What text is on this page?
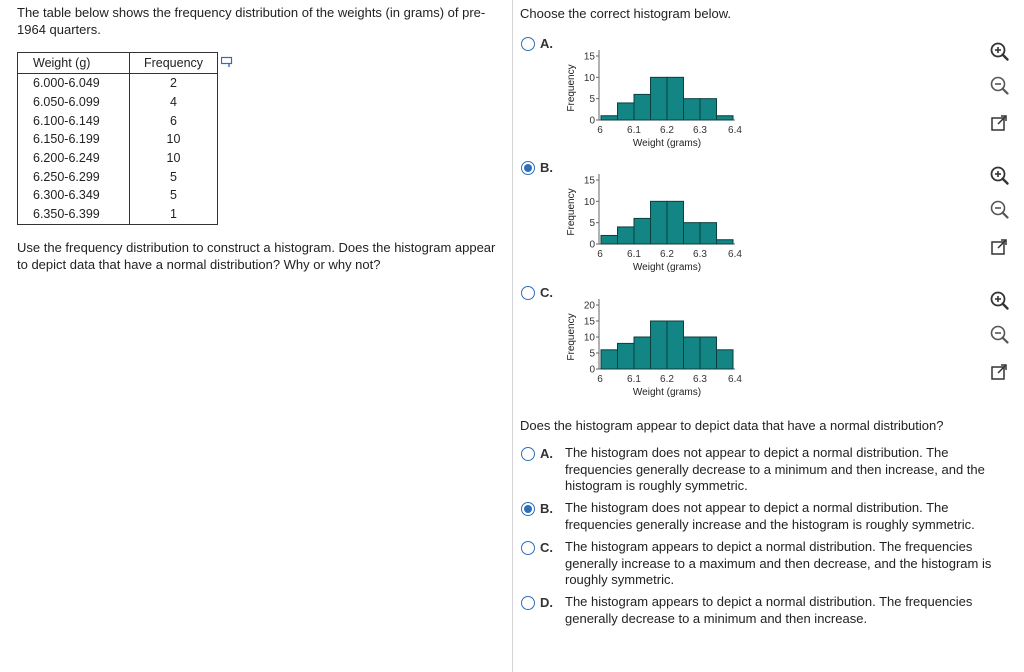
The table below shows the frequency distribution of the weights (in grams) of pre-1964 quarters.

Weight (g)	Frequency
6.000-6.049	2
6.050-6.099	4
6.100-6.149	6
6.150-6.199	10
6.200-6.249	10
6.250-6.299	5
6.300-6.349	5
6.350-6.399	1

Use the frequency distribution to construct a histogram. Does the histogram appear to depict data that have a normal distribution? Why or why not?

Choose the correct histogram below.
A.
Frequency
0
5
10
15
6 6.1 6.2 6.3 6.4
Weight (grams)
B.
Frequency
0
5
10
15
6 6.1 6.2 6.3 6.4
Weight (grams)
C.
Frequency
0
5
10
15
20
6 6.1 6.2 6.3 6.4
Weight (grams)
Does the histogram appear to depict data that have a normal distribution?
A. The histogram does not appear to depict a normal distribution. The frequencies generally decrease to a minimum and then increase, and the histogram is roughly symmetric.
B. The histogram does not appear to depict a normal distribution. The frequencies generally increase and the histogram is roughly symmetric.
C. The histogram appears to depict a normal distribution. The frequencies generally increase to a maximum and then decrease, and the histogram is roughly symmetric.
D. The histogram appears to depict a normal distribution. The frequencies generally decrease to a minimum and then increase.
